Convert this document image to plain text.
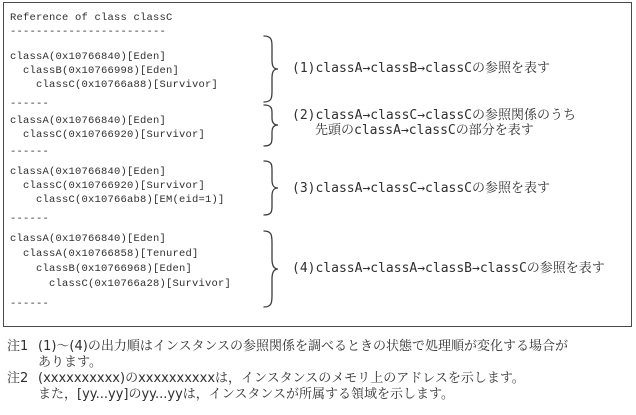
Reference of class classC
------------------------
classA(0x10766840)[Eden]
classB(0x10766998)[Eden]
classC(0x10766a88)[Survivor]
------
classA(0x10766840)[Eden]
classC(0x10766920)[Survivor]
------
classA(0x10766840)[Eden]
classC(0x10766920)[Survivor]
classC(0x10766ab8)[EM(eid=1)]
------
classA(0x10766840)[Eden]
classA(0x10766858)[Tenured]
classB(0x10766968)[Eden]
classC(0x10766a28)[Survivor]
------
(1)classA→classB→classCの参照を表す
(2)classA→classC→classCの参照関係のうち
先頭のclassA→classCの部分を表す
(3)classA→classC→classCの参照を表す
(4)classA→classA→classB→classCの参照を表す
注1 (1)～(4)の出力順はインスタンスの参照関係を調べるときの状態で処理順が変化する場合が
あります。
注2 (xxxxxxxxxx)のxxxxxxxxxxは，インスタンスのメモリ上のアドレスを示します。
また，[yy...yy]のyy...yyは，インスタンスが所属する領域を示します。
